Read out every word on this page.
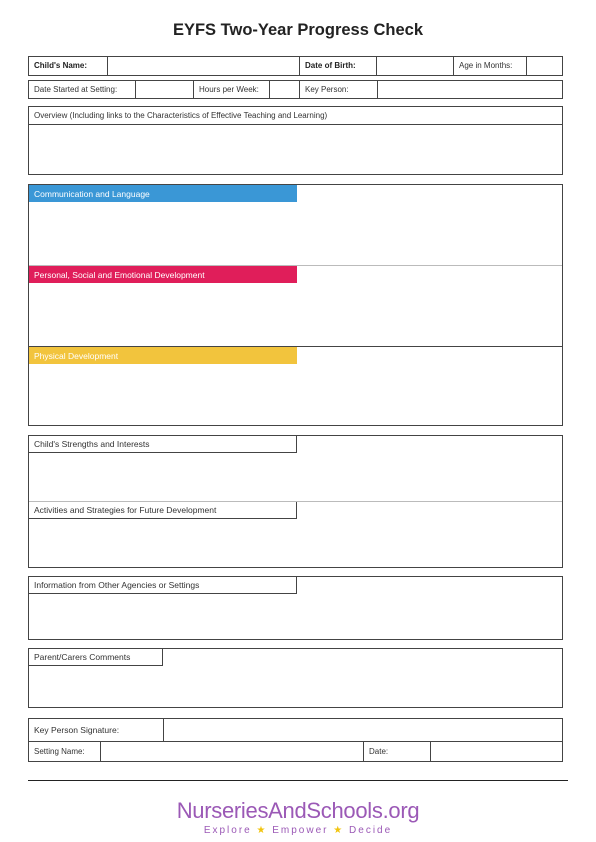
EYFS Two-Year Progress Check
Child's Name:	Date of Birth:	Age in Months:
Date Started at Setting:	Hours per Week:	Key Person:
Overview (Including links to the Characteristics of Effective Teaching and Learning)
Communication and Language
Personal, Social and Emotional Development
Physical Development
Child's Strengths and Interests
Activities and Strategies for Future Development
Information from Other Agencies or Settings
Parent/Carers Comments
Key Person Signature:
Setting Name:	Date:
NurseriesAndSchools.org
Explore ★ Empower ★ Decide
